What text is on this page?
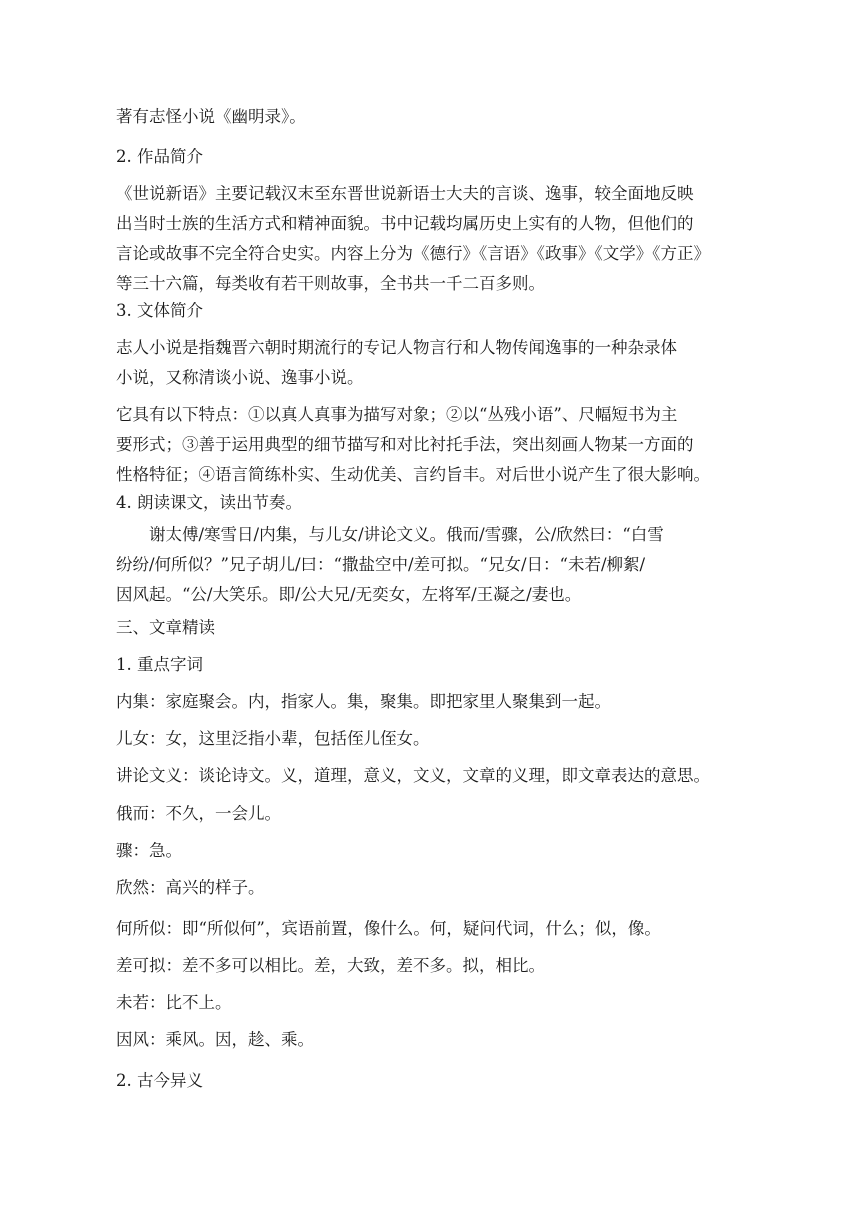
著有志怪小说《幽明录》。
2. 作品简介
《世说新语》主要记载汉末至东晋世说新语士大夫的言谈、逸事，较全面地反映
出当时士族的生活方式和精神面貌。书中记载均属历史上实有的人物，但他们的
言论或故事不完全符合史实。内容上分为《德行》《言语》《政事》《文学》《方正》
等三十六篇，每类收有若干则故事，全书共一千二百多则。
3. 文体简介
志人小说是指魏晋六朝时期流行的专记人物言行和人物传闻逸事的一种杂录体
小说，又称清谈小说、逸事小说。
它具有以下特点：①以真人真事为描写对象；②以“丛残小语”、尺幅短书为主
要形式；③善于运用典型的细节描写和对比衬托手法，突出刻画人物某一方面的
性格特征；④语言简练朴实、生动优美、言约旨丰。对后世小说产生了很大影响。
4. 朗读课文，读出节奏。
谢太傅/寒雪日/内集，与儿女/讲论文义。俄而/雪骤，公/欣然曰：“白雪
纷纷/何所似？”兄子胡儿/曰：“撒盐空中/差可拟。“兄女/日：“未若/柳絮/
因风起。“公/大笑乐。即/公大兄/无奕女，左将军/王凝之/妻也。
三、文章精读
1. 重点字词
内集：家庭聚会。内，指家人。集，聚集。即把家里人聚集到一起。
儿女：女，这里泛指小辈，包括侄儿侄女。
讲论文义：谈论诗文。义，道理，意义，文义，文章的义理，即文章表达的意思。
俄而：不久，一会儿。
骤：急。
欣然：高兴的样子。
何所似：即“所似何”，宾语前置，像什么。何，疑问代词，什么；似，像。
差可拟：差不多可以相比。差，大致，差不多。拟，相比。
未若：比不上。
因风：乘风。因，趁、乘。
2. 古今异义
